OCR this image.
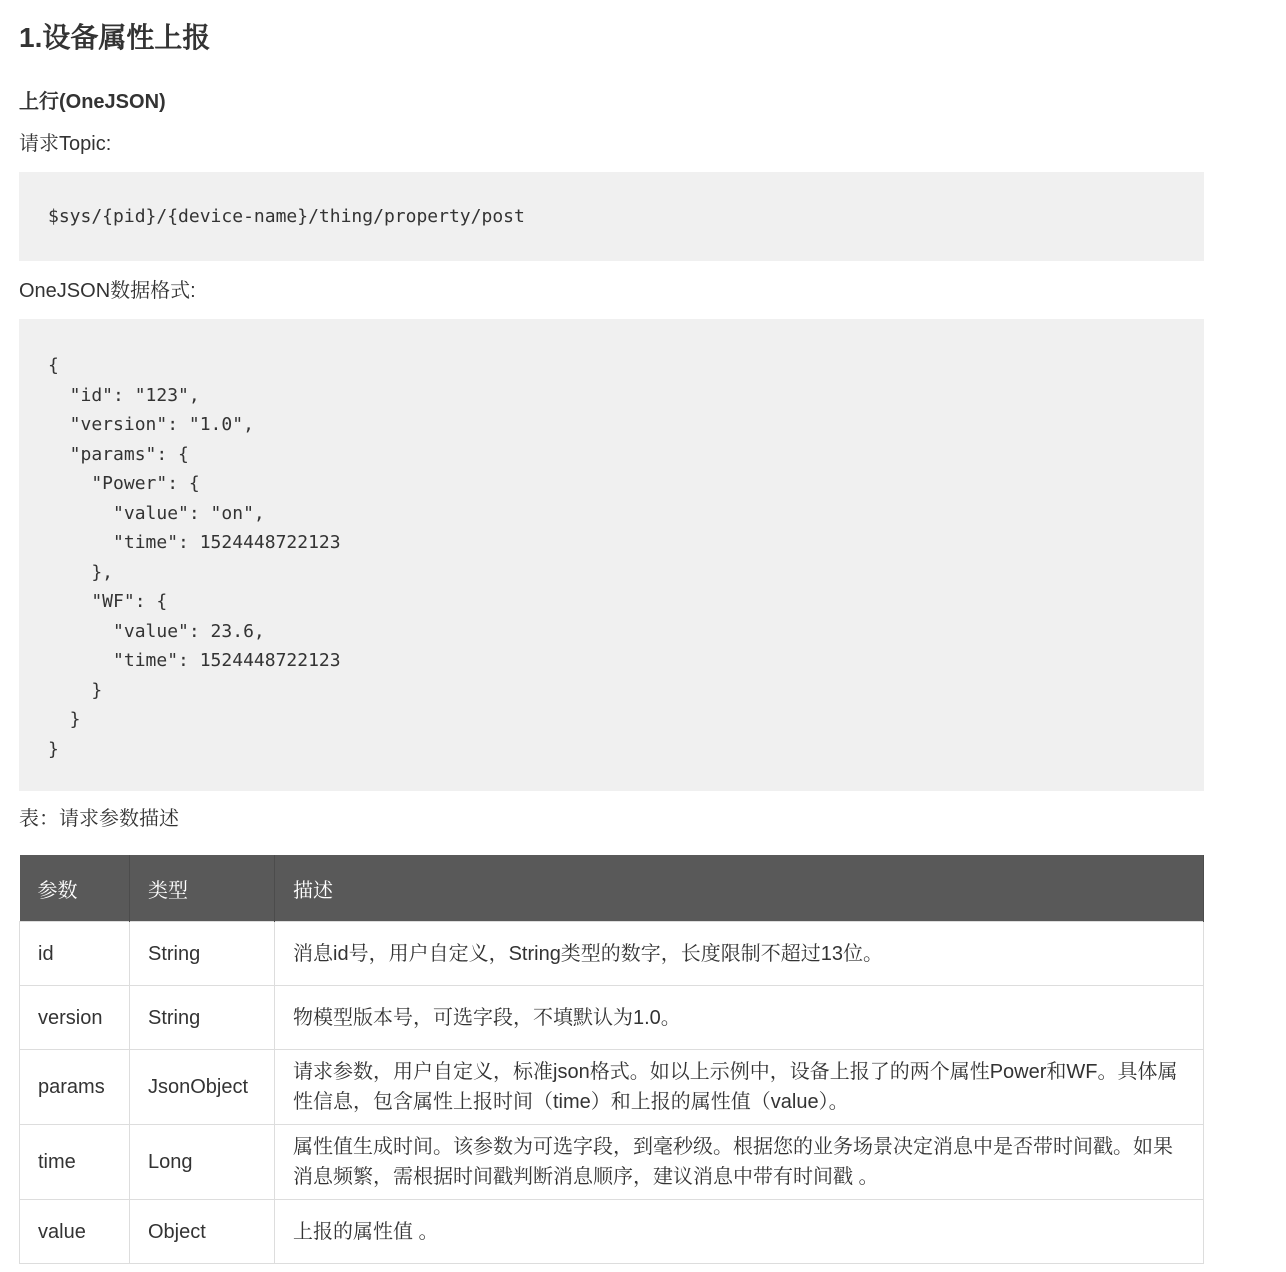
1.设备属性上报
上行(OneJSON)

请求Topic:

$sys/{pid}/{device-name}/thing/property/post

OneJSON数据格式:

{
"id": "123",
"version": "1.0",
"params": {
"Power": {
"value": "on",
"time": 1524448722123
},
"WF": {
"value": 23.6,
"time": 1524448722123
}
}
}

表：请求参数描述

参数	类型	描述
id	String	消息id号，用户自定义，String类型的数字，长度限制不超过13位。
version	String	物模型版本号，可选字段，不填默认为1.0。
params	JsonObject	请求参数，用户自定义，标准json格式。如以上示例中，设备上报了的两个属性Power和WF。具体属性信息，包含属性上报时间（time）和上报的属性值（value）。
time	Long	属性值生成时间。该参数为可选字段，到毫秒级。根据您的业务场景决定消息中是否带时间戳。如果消息频繁，需根据时间戳判断消息顺序，建议消息中带有时间戳 。
value	Object	上报的属性值 。
